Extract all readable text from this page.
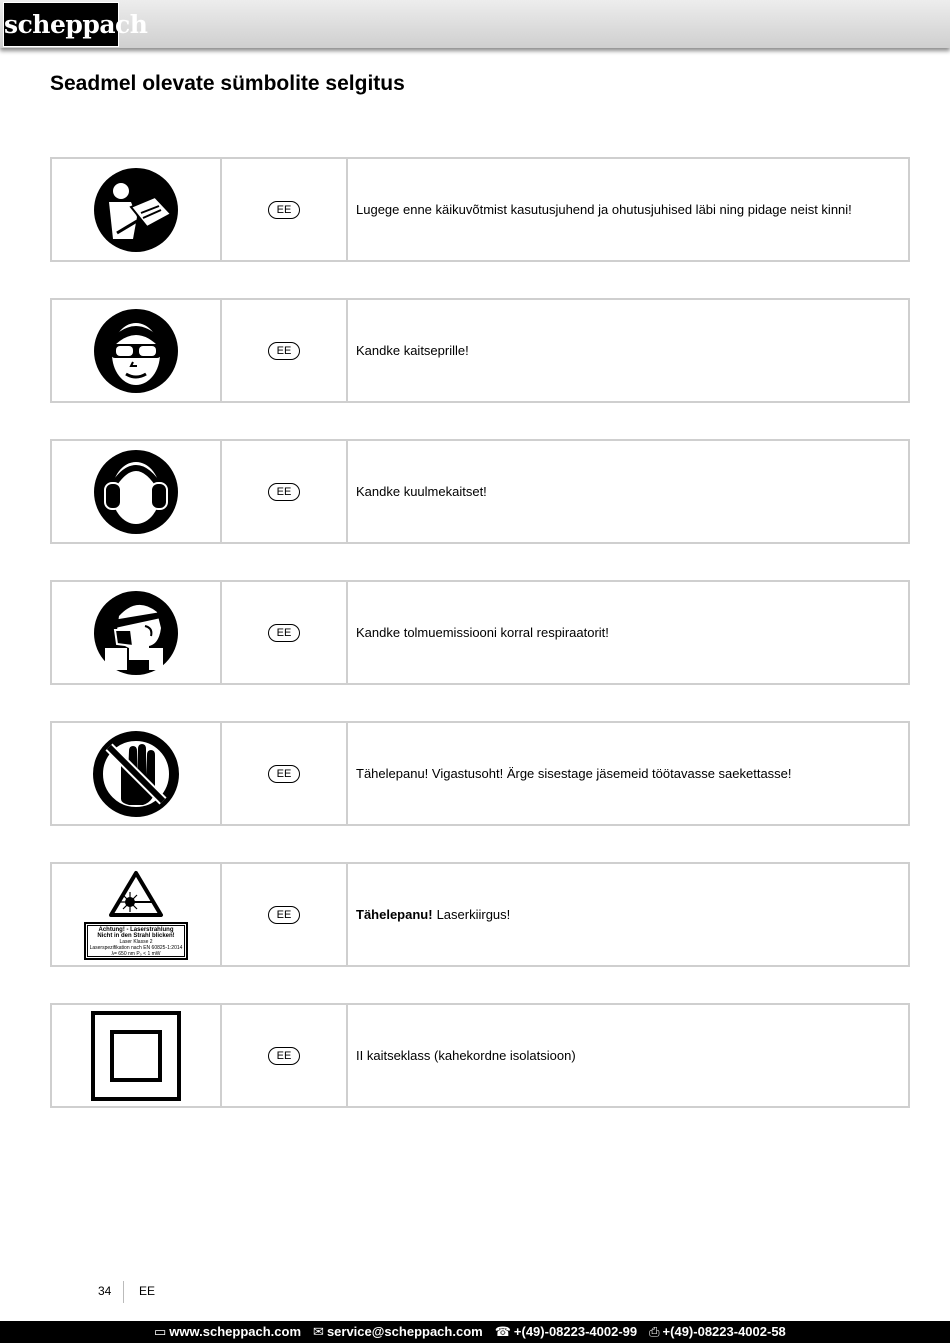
scheppach
Seadmel olevate sümbolite selgitus
EE	Lugege enne käikuvõtmist kasutusjuhend ja ohutusjuhised läbi ning pidage neist kinni!
EE	Kandke kaitseprille!
EE	Kandke kuulmekaitset!
EE	Kandke tolmuemissiooni korral respiraatorit!
EE	Tähelepanu! Vigastusoht! Ärge sisestage jäsemeid töötavasse saekettasse!
Achtung! - Laserstrahlung
Nicht in den Strahl blicken!
Laser Klasse 2
Laserspezifikation nach EN 60825-1:2014
λ= 650 nm P₀ < 1 mW
EE	Tähelepanu! Laserkiirgus!
EE	II kaitseklass (kahekordne isolatsioon)
34 EE
▭ www.scheppach.com ✉ service@scheppach.com ☎ +(49)-08223-4002-99 ⎙ +(49)-08223-4002-58
